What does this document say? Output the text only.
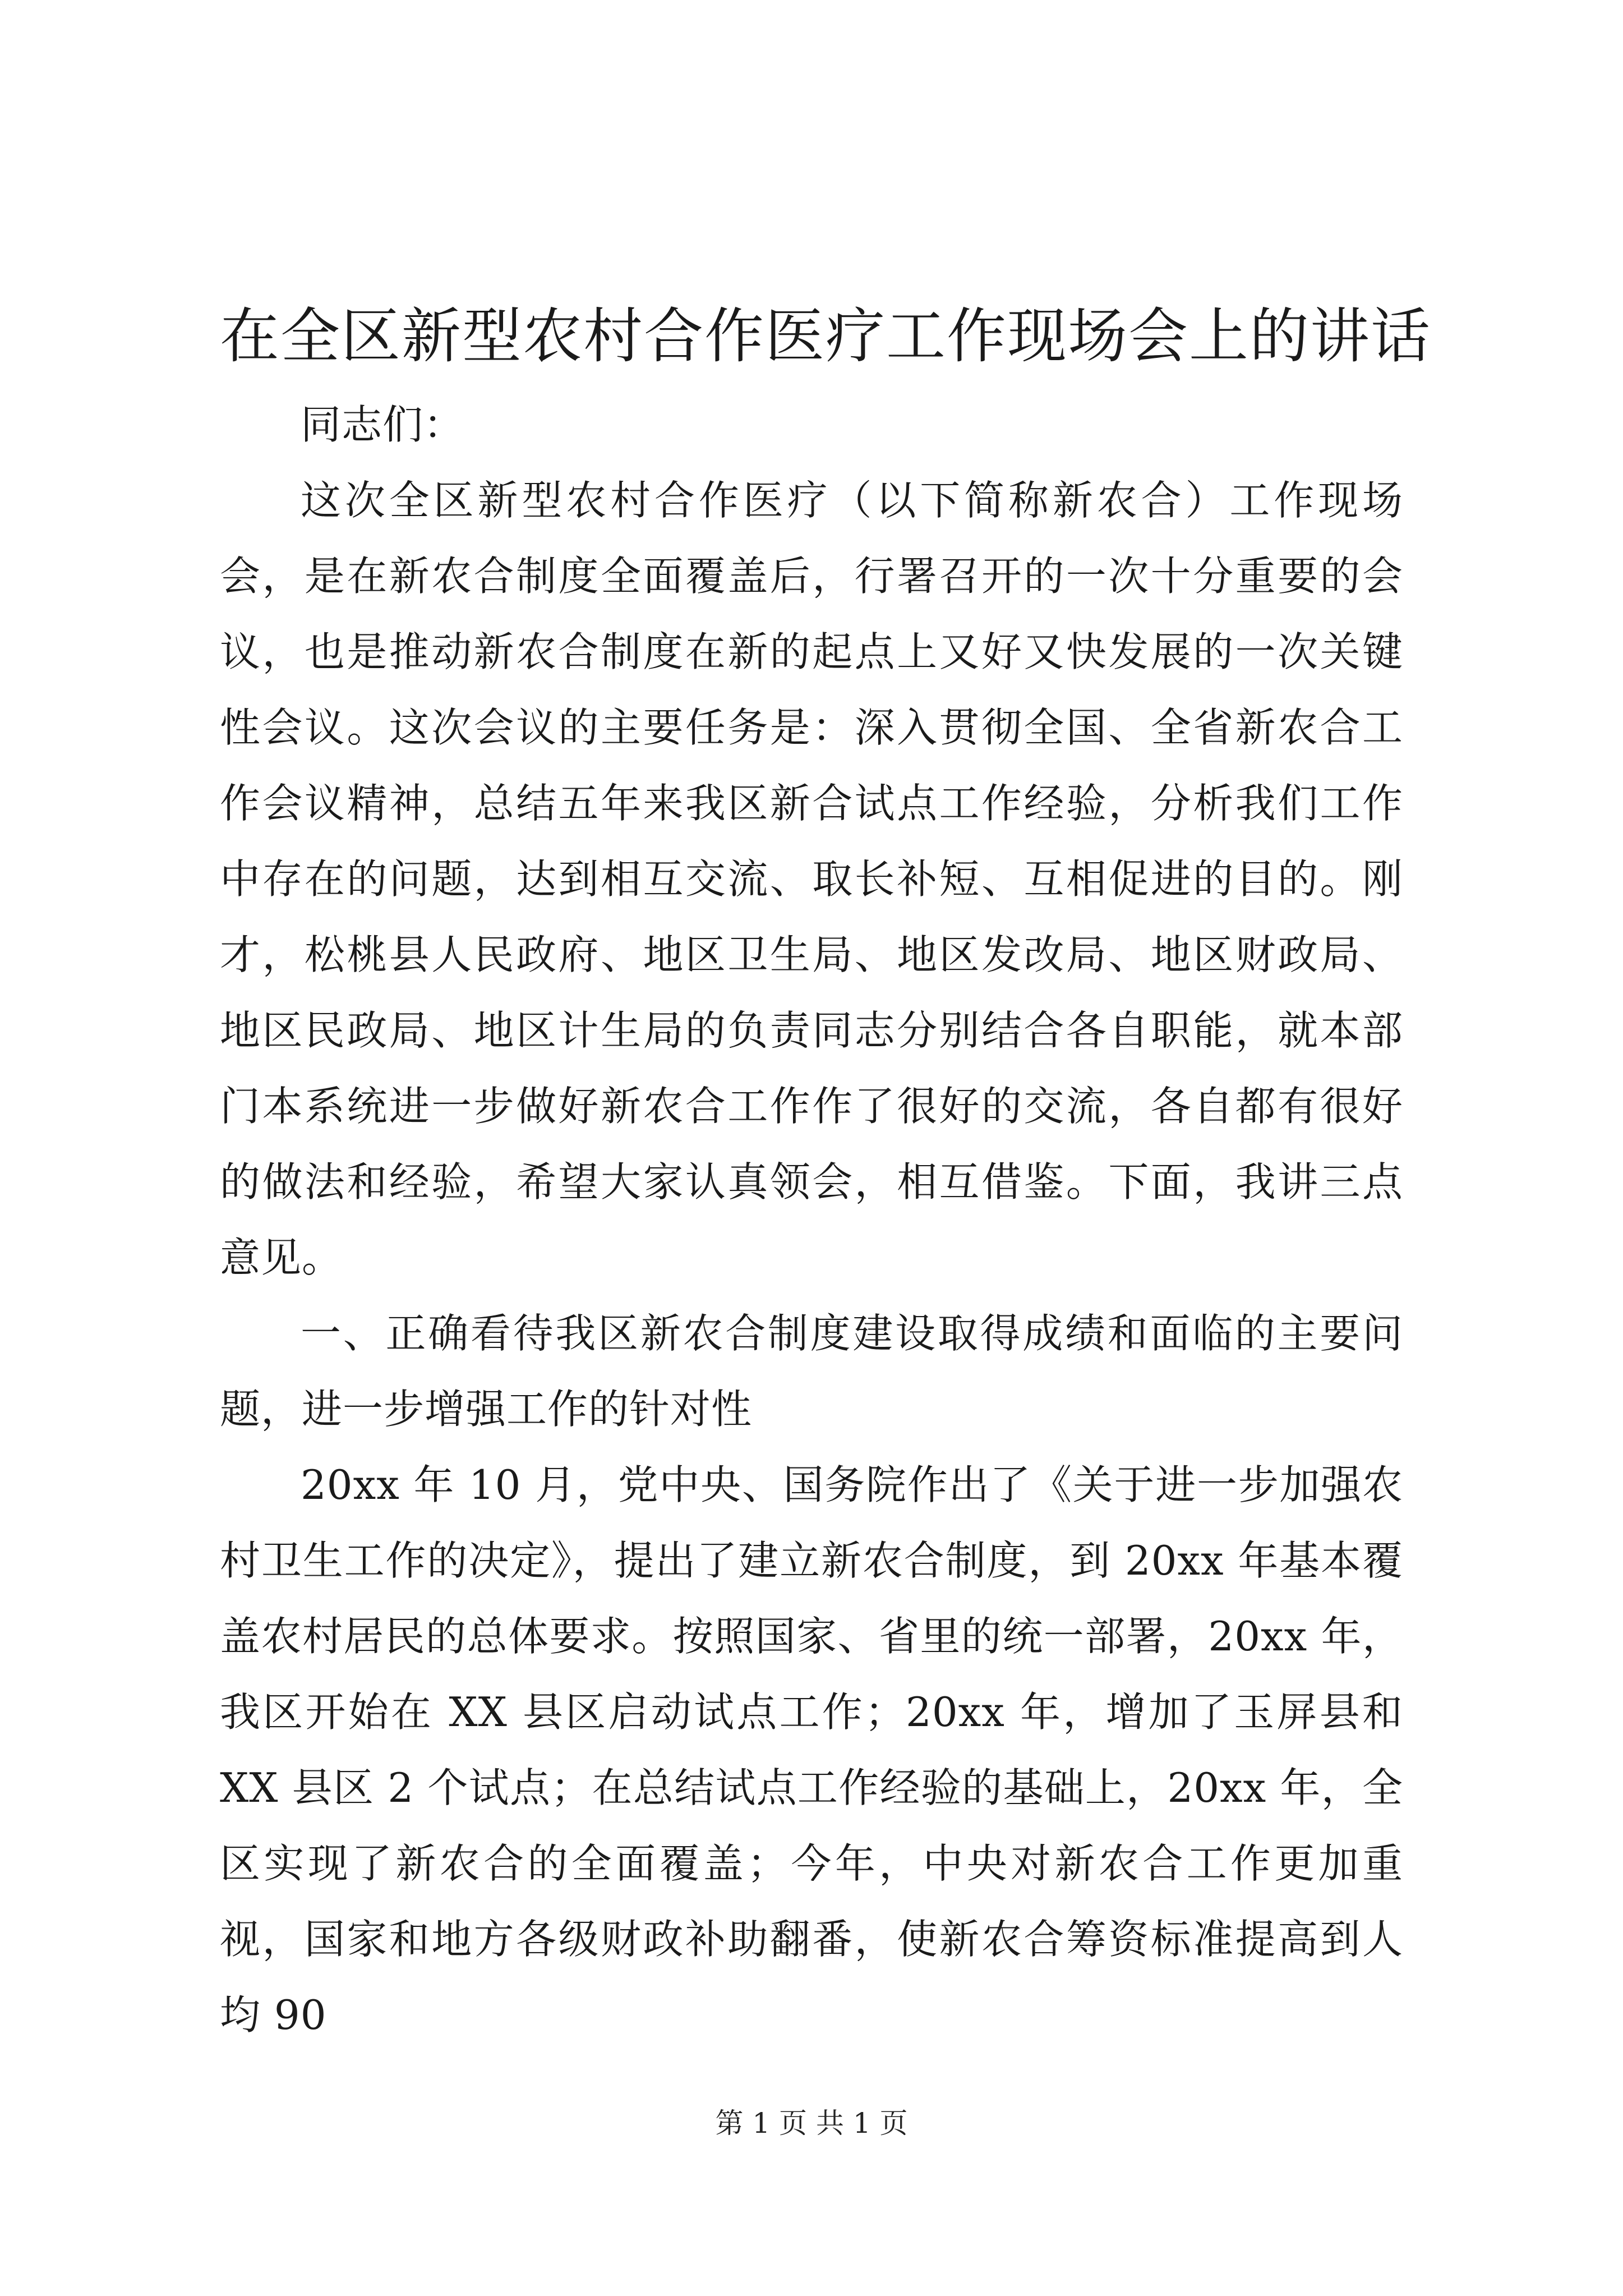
在全区新型农村合作医疗工作现场会上的讲话

同志们：

这次全区新型农村合作医疗（以下简称新农合）工作现场会，是在新农合制度全面覆盖后，行署召开的一次十分重要的会议，也是推动新农合制度在新的起点上又好又快发展的一次关键性会议。这次会议的主要任务是：深入贯彻全国、全省新农合工作会议精神，总结五年来我区新合试点工作经验，分析我们工作中存在的问题，达到相互交流、取长补短、互相促进的目的。刚才，松桃县人民政府、地区卫生局、地区发改局、地区财政局、地区民政局、地区计生局的负责同志分别结合各自职能，就本部门本系统进一步做好新农合工作作了很好的交流，各自都有很好的做法和经验，希望大家认真领会，相互借鉴。下面，我讲三点意见。

一、正确看待我区新农合制度建设取得成绩和面临的主要问题，进一步增强工作的针对性

20xx 年 10 月，党中央、国务院作出了《关于进一步加强农村卫生工作的决定》，提出了建立新农合制度，到 20xx 年基本覆盖农村居民的总体要求。按照国家、省里的统一部署，20xx 年，我区开始在 XX 县区启动试点工作；20xx 年，增加了玉屏县和 XX 县区 2 个试点；在总结试点工作经验的基础上，20xx 年，全区实现了新农合的全面覆盖；今年，中央对新农合工作更加重视，国家和地方各级财政补助翻番，使新农合筹资标准提高到人均 90

第 1 页 共 1 页
